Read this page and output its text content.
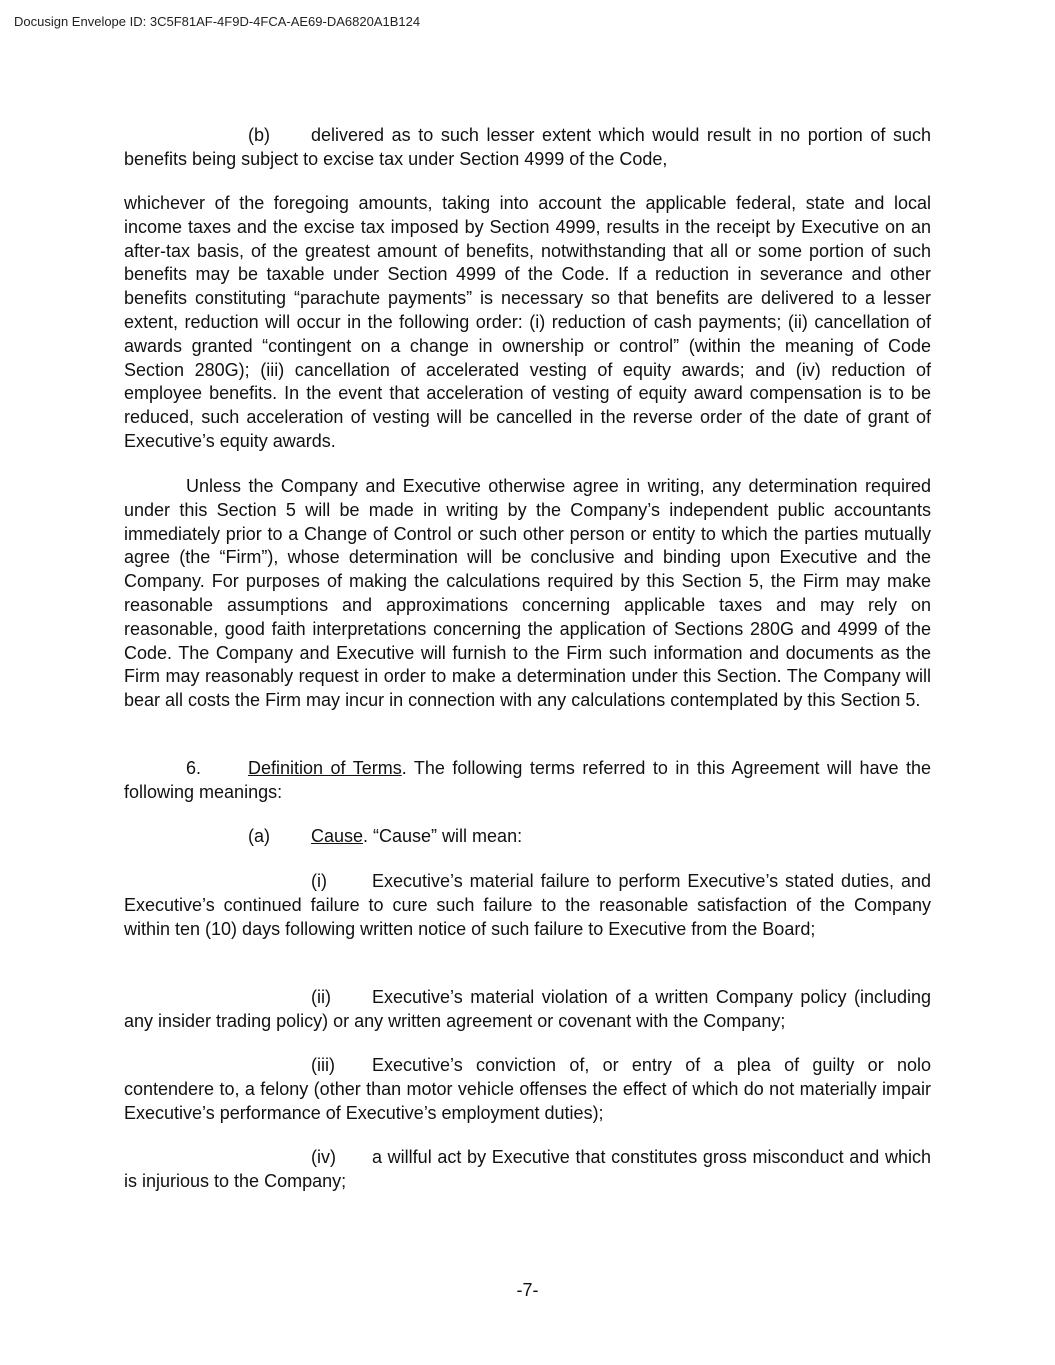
Docusign Envelope ID: 3C5F81AF-4F9D-4FCA-AE69-DA6820A1B124

(b) delivered as to such lesser extent which would result in no portion of such benefits being subject to excise tax under Section 4999 of the Code,

whichever of the foregoing amounts, taking into account the applicable federal, state and local income taxes and the excise tax imposed by Section 4999, results in the receipt by Executive on an after-tax basis, of the greatest amount of benefits, notwithstanding that all or some portion of such benefits may be taxable under Section 4999 of the Code. If a reduction in severance and other benefits constituting “parachute payments” is necessary so that benefits are delivered to a lesser extent, reduction will occur in the following order: (i) reduction of cash payments; (ii) cancellation of awards granted “contingent on a change in ownership or control” (within the meaning of Code Section 280G); (iii) cancellation of accelerated vesting of equity awards; and (iv) reduction of employee benefits. In the event that acceleration of vesting of equity award compensation is to be reduced, such acceleration of vesting will be cancelled in the reverse order of the date of grant of Executive’s equity awards.

Unless the Company and Executive otherwise agree in writing, any determination required under this Section 5 will be made in writing by the Company’s independent public accountants immediately prior to a Change of Control or such other person or entity to which the parties mutually agree (the “Firm”), whose determination will be conclusive and binding upon Executive and the Company. For purposes of making the calculations required by this Section 5, the Firm may make reasonable assumptions and approximations concerning applicable taxes and may rely on reasonable, good faith interpretations concerning the application of Sections 280G and 4999 of the Code. The Company and Executive will furnish to the Firm such information and documents as the Firm may reasonably request in order to make a determination under this Section. The Company will bear all costs the Firm may incur in connection with any calculations contemplated by this Section 5.

6.	Definition of Terms. The following terms referred to in this Agreement will have the following meanings:

(a) Cause. “Cause” will mean:

(i)	Executive’s material failure to perform Executive’s stated duties, and Executive’s continued failure to cure such failure to the reasonable satisfaction of the Company within ten (10) days following written notice of such failure to Executive from the Board;

(ii) Executive’s material violation of a written Company policy (including any insider trading policy) or any written agreement or covenant with the Company;

(iii) Executive’s conviction of, or entry of a plea of guilty or nolo contendere to, a felony (other than motor vehicle offenses the effect of which do not materially impair Executive’s performance of Executive’s employment duties);

(iv) a willful act by Executive that constitutes gross misconduct and which is injurious to the Company;

-7-
